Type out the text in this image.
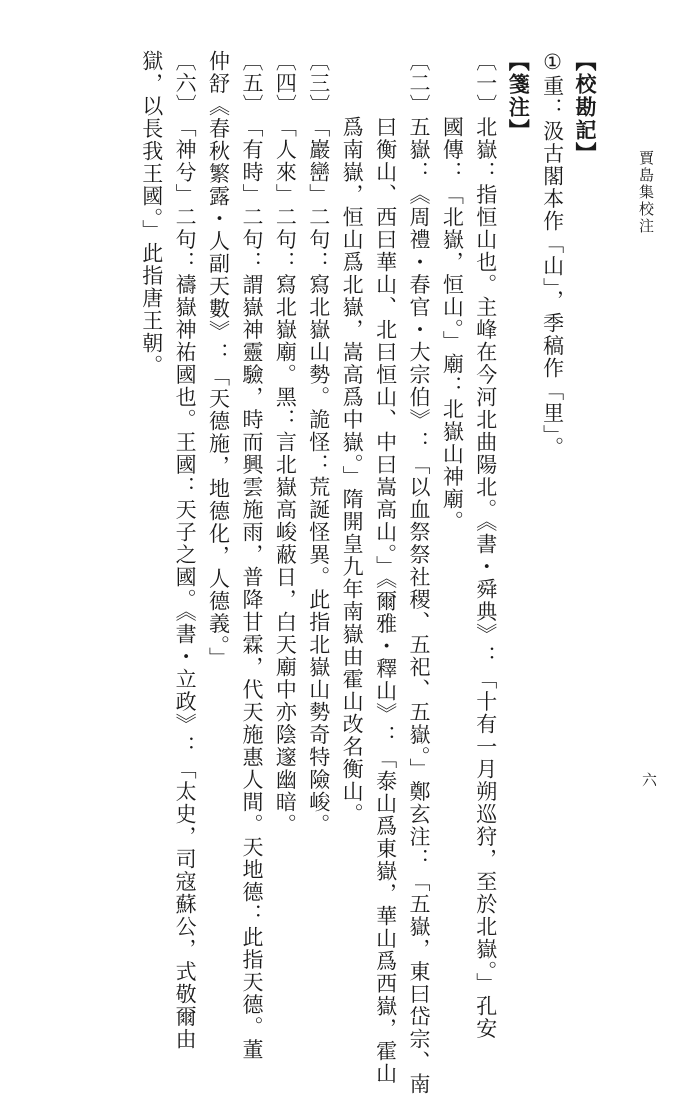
賈島集校注
六
【校勘記】
①重：汲古閣本作「山」，季稿作「里」。
【箋注】
〔一〕北嶽：指恒山也。主峰在今河北曲陽北。《書・舜典》：「十有一月朔巡狩，至於北嶽。」孔安
國傳：「北嶽，恒山。」廟：北嶽山神廟。
〔二〕五嶽：《周禮・春官・大宗伯》：「以血祭祭社稷、五祀、五嶽。」鄭玄注：「五嶽，東曰岱宗、南
曰衡山、西曰華山、北曰恒山、中曰嵩高山。」《爾雅・釋山》：「泰山爲東嶽，華山爲西嶽，霍山
爲南嶽，恒山爲北嶽，嵩高爲中嶽。」隋開皇九年南嶽由霍山改名衡山。
〔三〕「巖巒」二句：寫北嶽山勢。詭怪：荒誕怪異。此指北嶽山勢奇特險峻。
〔四〕「人來」二句：寫北嶽廟。黑：言北嶽高峻蔽日，白天廟中亦陰邃幽暗。
〔五〕「有時」二句：謂嶽神靈驗，時而興雲施雨，普降甘霖，代天施惠人間。天地德：此指天德。董
仲舒《春秋繁露・人副天數》：「天德施，地德化，人德義。」
〔六〕「神兮」二句：禱嶽神祐國也。王國：天子之國。《書・立政》：「太史，司寇蘇公，式敬爾由
獄，以長我王國。」此指唐王朝。
